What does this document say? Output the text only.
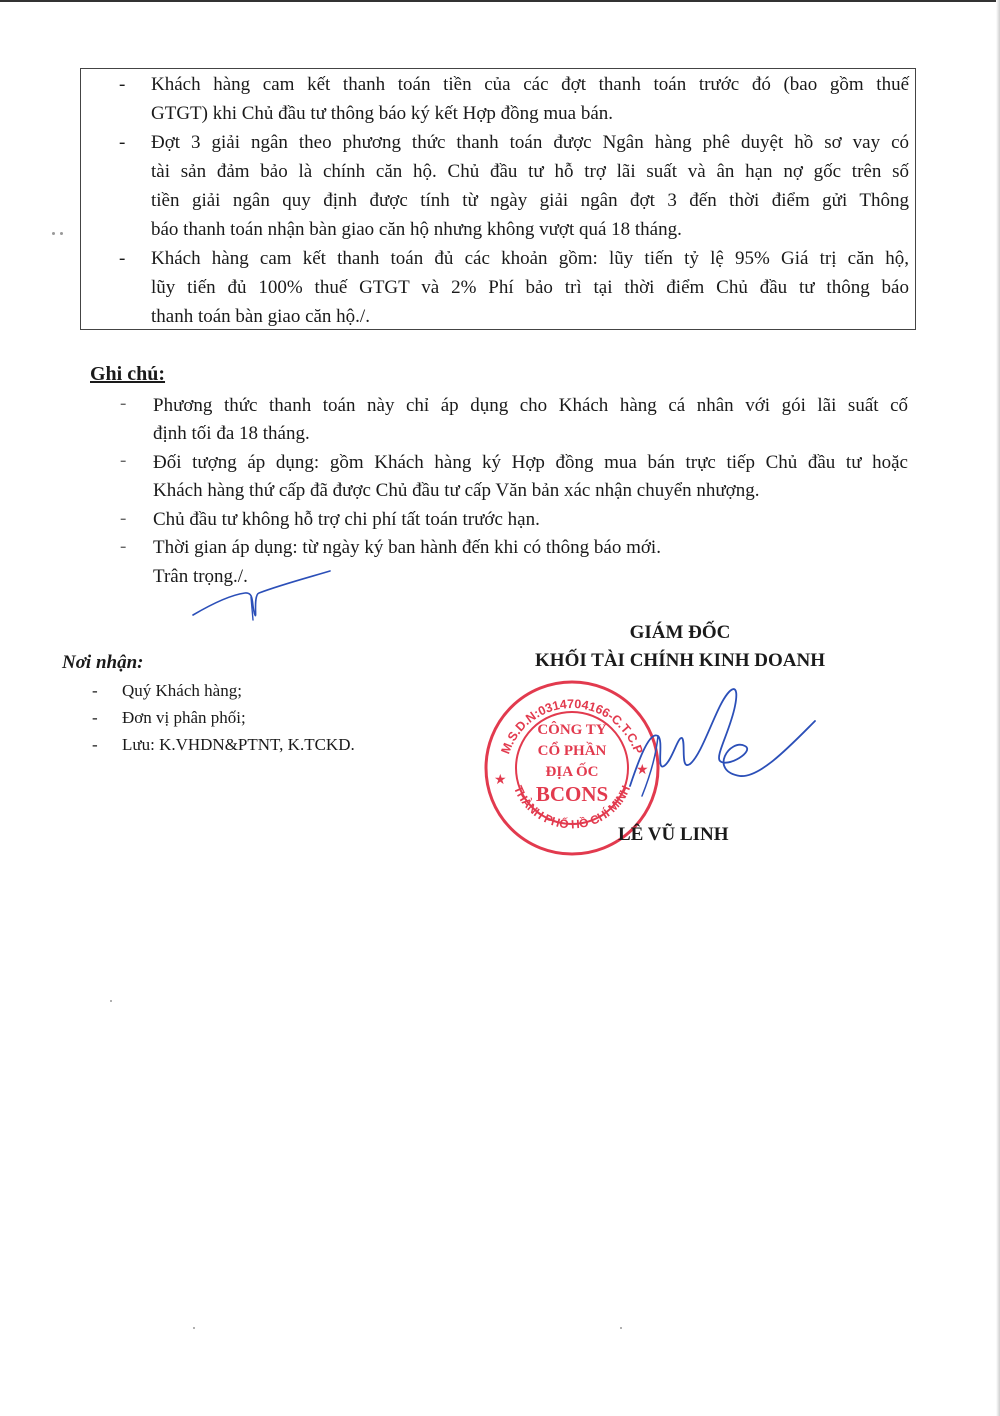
- Khách hàng cam kết thanh toán tiền của các đợt thanh toán trước đó (bao gồm thuế
GTGT) khi Chủ đầu tư thông báo ký kết Hợp đồng mua bán.
- Đợt 3 giải ngân theo phương thức thanh toán được Ngân hàng phê duyệt hồ sơ vay có
tài sản đảm bảo là chính căn hộ. Chủ đầu tư hỗ trợ lãi suất và ân hạn nợ gốc trên số
tiền giải ngân quy định được tính từ ngày giải ngân đợt 3 đến thời điểm gửi Thông
báo thanh toán nhận bàn giao căn hộ nhưng không vượt quá 18 tháng.
- Khách hàng cam kết thanh toán đủ các khoản gồm: lũy tiến tỷ lệ 95% Giá trị căn hộ,
lũy tiến đủ 100% thuế GTGT và 2% Phí bảo trì tại thời điểm Chủ đầu tư thông báo
thanh toán bàn giao căn hộ./.
Ghi chú:
- Phương thức thanh toán này chỉ áp dụng cho Khách hàng cá nhân với gói lãi suất cố
định tối đa 18 tháng.
- Đối tượng áp dụng: gồm Khách hàng ký Hợp đồng mua bán trực tiếp Chủ đầu tư hoặc
Khách hàng thứ cấp đã được Chủ đầu tư cấp Văn bản xác nhận chuyển nhượng.
- Chủ đầu tư không hỗ trợ chi phí tất toán trước hạn.
- Thời gian áp dụng: từ ngày ký ban hành đến khi có thông báo mới.
Trân trọng./.
Nơi nhận:
- Quý Khách hàng;
- Đơn vị phân phối;
- Lưu: K.VHDN&PTNT, K.TCKD.
GIÁM ĐỐC
KHỐI TÀI CHÍNH KINH DOANH
M.S.D.N:0314704166-C.T.C.P
THÀNH PHỐ HỒ CHÍ MINH
★
★
CÔNG TY
CỔ PHẦN
ĐỊA ỐC
BCONS
LÊ VŨ LINH
